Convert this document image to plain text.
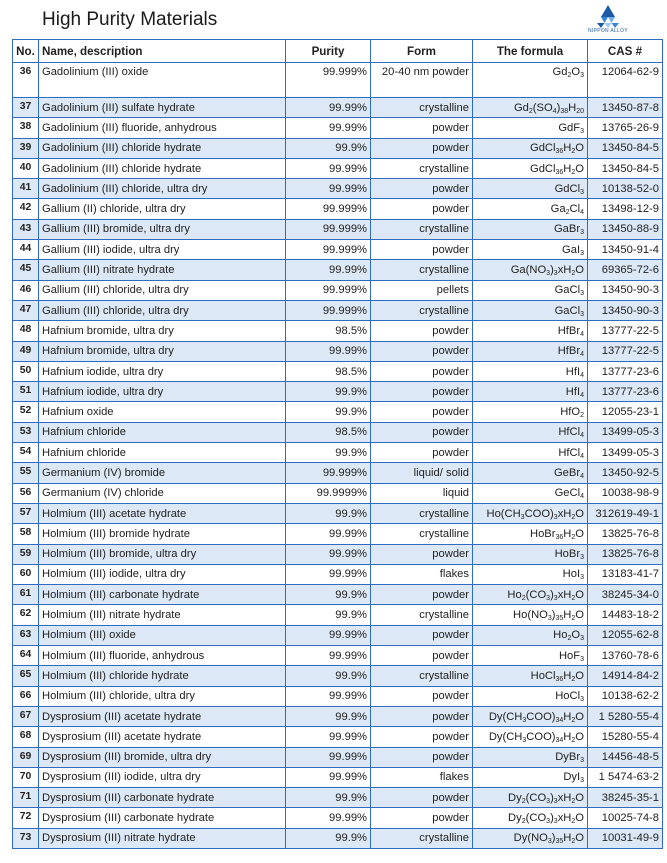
High Purity Materials
NIPPON ALLOY
No.	Name, description	Purity	Form	The formula	CAS #
36	Gadolinium (III) oxide	99.999%	20-40 nm powder	$Gd_2O_3$	12064-62-9
37	Gadolinium (III) sulfate hydrate	99.99%	crystalline	$Gd_2(SO_4)_{38}H_{20}$	13450-87-8
38	Gadolinium (III) fluoride, anhydrous	99.99%	powder	GdF$_3$	13765-26-9
39	Gadolinium (III) chloride hydrate	99.9%	powder	$GdCl_{36}H_2O$	13450-84-5
40	Gadolinium (III) chloride hydrate	99.99%	crystalline	$GdCl_{36}H_2O$	13450-84-5
41	Gadolinium (III) chloride, ultra dry	99.99%	powder	GdCl$_3$	10138-52-0
42	Gallium (II) chloride, ultra dry	99.999%	powder	$Ga_2Cl_4$	13498-12-9
43	Gallium (III) bromide, ultra dry	99.999%	crystalline	GaBr$_3$	13450-88-9
44	Gallium (III) iodide, ultra dry	99.999%	powder	GaI$_3$	13450-91-4
45	Gallium (III) nitrate hydrate	99.99%	crystalline	$Ga(NO_3)_3xH_2O$	69365-72-6
46	Gallium (III) chloride, ultra dry	99.999%	pellets	GaCl$_3$	13450-90-3
47	Gallium (III) chloride, ultra dry	99.999%	crystalline	GaCl$_3$	13450-90-3
48	Hafnium bromide, ultra dry	98.5%	powder	HfBr$_4$	13777-22-5
49	Hafnium bromide, ultra dry	99.99%	powder	HfBr$_4$	13777-22-5
50	Hafnium iodide, ultra dry	98.5%	powder	HfI$_4$	13777-23-6
51	Hafnium iodide, ultra dry	99.9%	powder	HfI$_4$	13777-23-6
52	Hafnium oxide	99.9%	powder	HfO$_2$	12055-23-1
53	Hafnium chloride	98.5%	powder	HfCl$_4$	13499-05-3
54	Hafnium chloride	99.9%	powder	HfCl$_4$	13499-05-3
55	Germanium (IV) bromide	99.999%	liquid/ solid	GeBr$_4$	13450-92-5
56	Germanium (IV) chloride	99.9999%	liquid	GeCl$_4$	10038-98-9
57	Holmium (III) acetate hydrate	99.9%	crystalline	$Ho(CH_3COO)_3xH_2O$	312619-49-1
58	Holmium (III) bromide hydrate	99.99%	crystalline	$HoBr_{36}H_2O$	13825-76-8
59	Holmium (III) bromide, ultra dry	99.99%	powder	HoBr$_3$	13825-76-8
60	Holmium (III) iodide, ultra dry	99.99%	flakes	HoI$_3$	13183-41-7
61	Holmium (III) carbonate hydrate	99.9%	powder	$Ho_2(CO_3)_3xH_2O$	38245-34-0
62	Holmium (III) nitrate hydrate	99.9%	crystalline	$Ho(NO_3)_{35}H_2O$	14483-18-2
63	Holmium (III) oxide	99.99%	powder	$Ho_2O_3$	12055-62-8
64	Holmium (III) fluoride, anhydrous	99.99%	powder	HoF$_3$	13760-78-6
65	Holmium (III) chloride hydrate	99.9%	crystalline	$HoCl_{36}H_2O$	14914-84-2
66	Holmium (III) chloride, ultra dry	99.99%	powder	HoCl$_3$	10138-62-2
67	Dysprosium (III) acetate hydrate	99.9%	powder	$Dy(CH_3COO)_{34}H_2O$	1 5280-55-4
68	Dysprosium (III) acetate hydrate	99.99%	powder	$Dy(CH_3COO)_{34}H_2O$	15280-55-4
69	Dysprosium (III) bromide, ultra dry	99.99%	powder	DyBr$_3$	14456-48-5
70	Dysprosium (III) iodide, ultra dry	99.99%	flakes	DyI$_3$	1 5474-63-2
71	Dysprosium (III) carbonate hydrate	99.9%	powder	$Dy_2(CO_3)_3xH_2O$	38245-35-1
72	Dysprosium (III) carbonate hydrate	99.99%	powder	$Dy_2(CO_3)_3xH_2O$	10025-74-8
73	Dysprosium (III) nitrate hydrate	99.9%	crystalline	$Dy(NO_3)_{35}H_2O$	10031-49-9
